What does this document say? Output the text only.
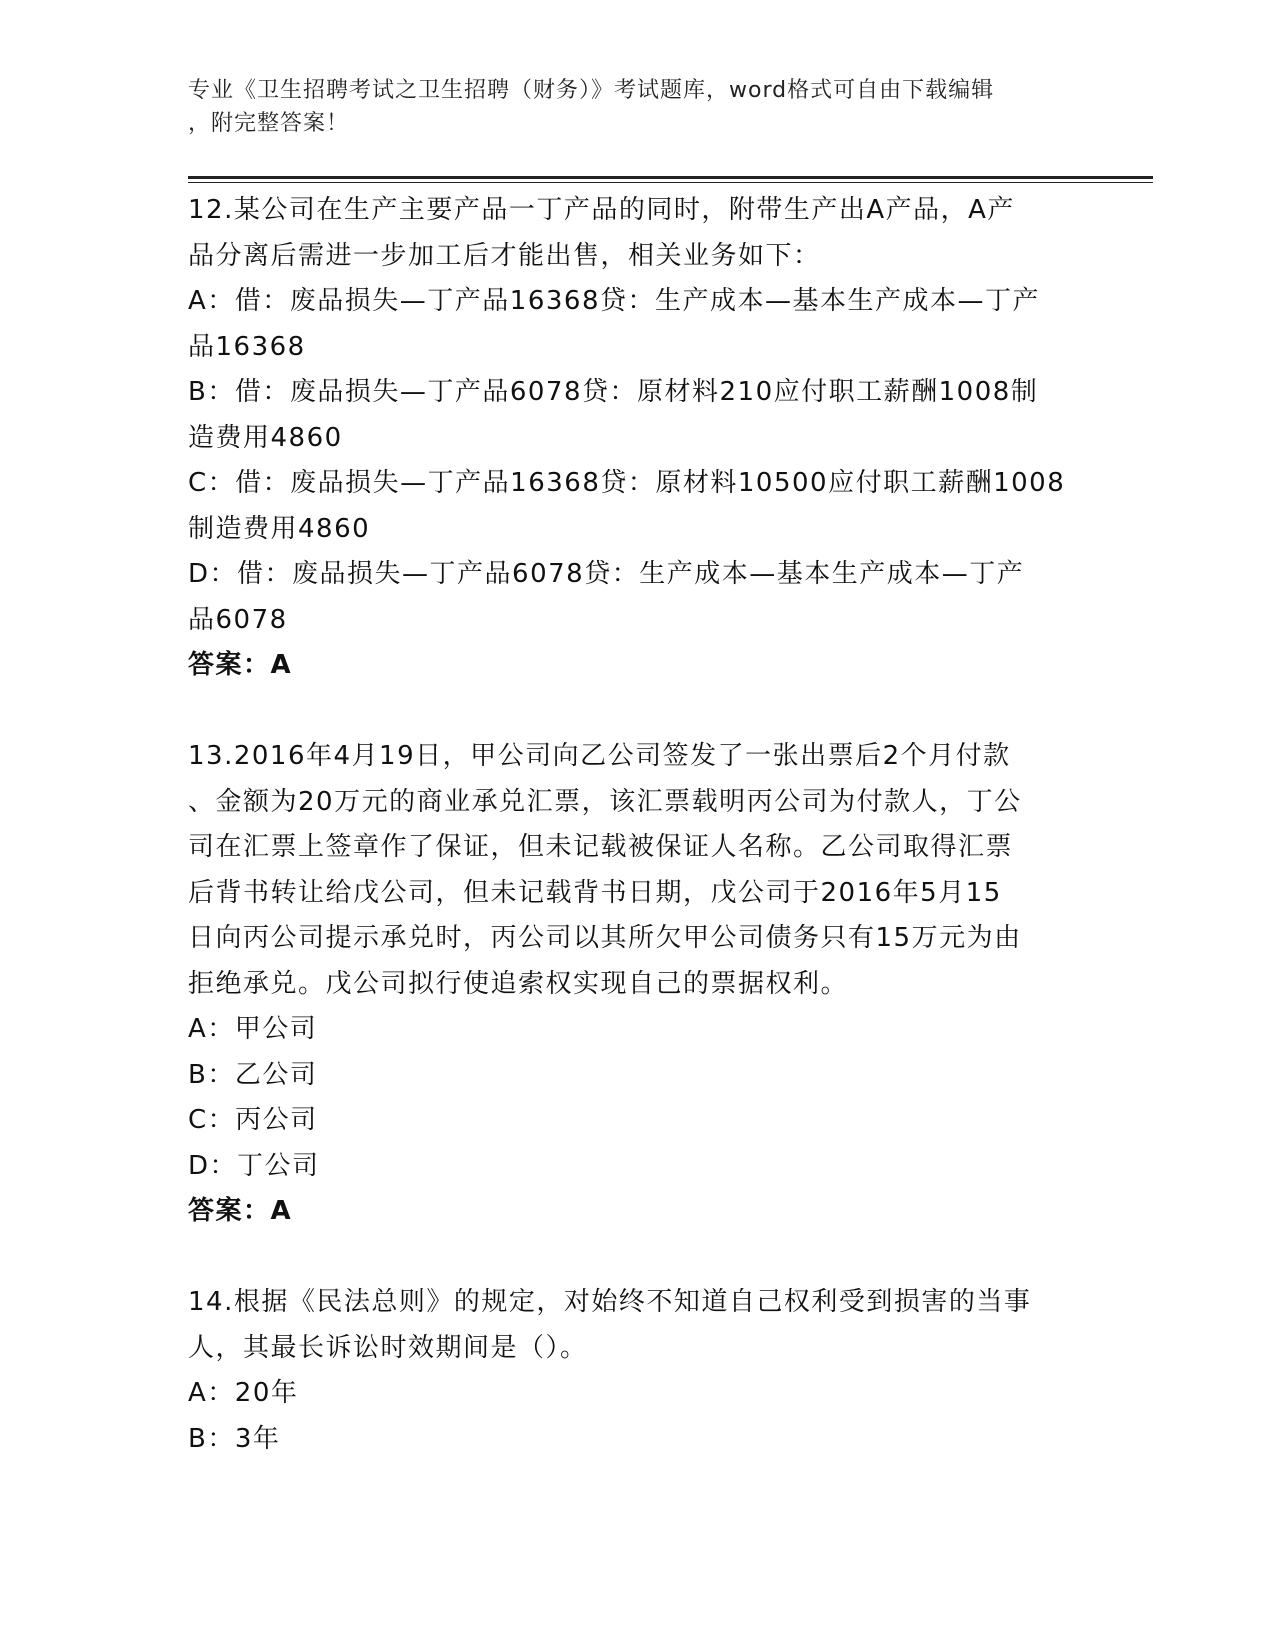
专业《卫生招聘考试之卫生招聘（财务）》考试题库，word格式可自由下载编辑

，附完整答案！

12.某公司在生产主要产品一丁产品的同时，附带生产出A产品，A产

品分离后需进一步加工后才能出售，相关业务如下：

A：借：废品损失—丁产品16368贷：生产成本—基本生产成本—丁产

品16368

B：借：废品损失—丁产品6078贷：原材料210应付职工薪酬1008制

造费用4860

C：借：废品损失—丁产品16368贷：原材料10500应付职工薪酬1008

制造费用4860

D：借：废品损失—丁产品6078贷：生产成本—基本生产成本—丁产

品6078

答案：A

13.2016年4月19日，甲公司向乙公司签发了一张出票后2个月付款

、金额为20万元的商业承兑汇票，该汇票载明丙公司为付款人，丁公

司在汇票上签章作了保证，但未记载被保证人名称。乙公司取得汇票

后背书转让给戊公司，但未记载背书日期，戊公司于2016年5月15

日向丙公司提示承兑时，丙公司以其所欠甲公司债务只有15万元为由

拒绝承兑。戊公司拟行使追索权实现自己的票据权利。

A：甲公司

B：乙公司

C：丙公司

D：丁公司

答案：A

14.根据《民法总则》的规定，对始终不知道自己权利受到损害的当事

人，其最长诉讼时效期间是（）。

A：20年

B：3年
